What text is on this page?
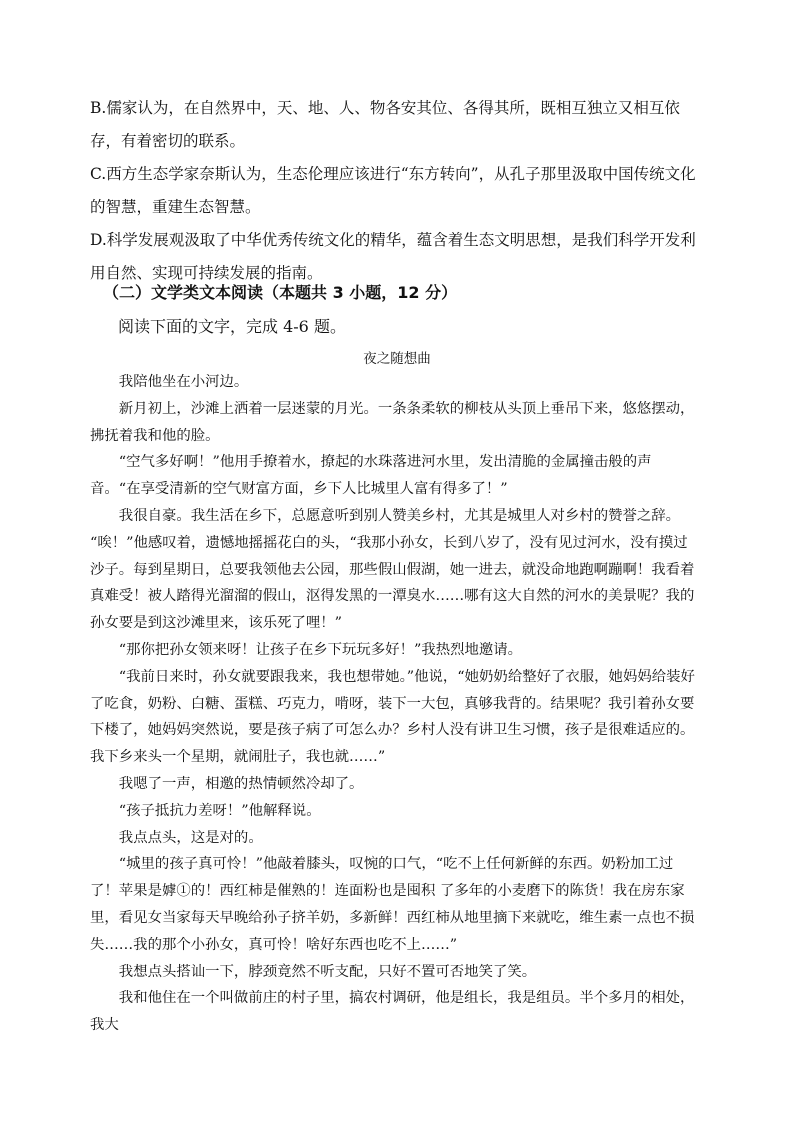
B.儒家认为，在自然界中，天、地、人、物各安其位、各得其所，既相互独立又相互依存，有着密切的联系。

C.西方生态学家奈斯认为，生态伦理应该进行“东方转向”，从孔子那里汲取中国传统文化的智慧，重建生态智慧。

D.科学发展观汲取了中华优秀传统文化的精华，蕴含着生态文明思想，是我们科学开发利用自然、实现可持续发展的指南。

（二）文学类文本阅读（本题共 3 小题，12 分）
阅读下面的文字，完成 4-6 题。
夜之随想曲

我陪他坐在小河边。

新月初上，沙滩上洒着一层迷蒙的月光。一条条柔软的柳枝从头顶上垂吊下来，悠悠摆动，拂抚着我和他的脸。

“空气多好啊！”他用手撩着水，撩起的水珠落进河水里，发出清脆的金属撞击般的声音。“在享受清新的空气财富方面，乡下人比城里人富有得多了！”

我很自豪。我生活在乡下，总愿意听到别人赞美乡村，尤其是城里人对乡村的赞誉之辞。

“唉！”他感叹着，遗憾地摇摇花白的头，“我那小孙女，长到八岁了，没有见过河水，没有摸过沙子。每到星期日，总要我领他去公园，那些假山假湖，她一进去，就没命地跑啊蹦啊！我看着真难受！被人踏得光溜溜的假山，沤得发黑的一潭臭水……哪有这大自然的河水的美景呢？我的孙女要是到这沙滩里来，该乐死了哩！”

“那你把孙女领来呀！让孩子在乡下玩玩多好！”我热烈地邀请。

“我前日来时，孙女就要跟我来，我也想带她。”他说，“她奶奶给整好了衣服，她妈妈给装好了吃食，奶粉、白糖、蛋糕、巧克力，啃呀，装下一大包，真够我背的。结果呢？我引着孙女要下楼了，她妈妈突然说，要是孩子病了可怎么办？乡村人没有讲卫生习惯，孩子是很难适应的。我下乡来头一个星期，就闹肚子，我也就……”

我嗯了一声，相邀的热情顿然冷却了。

“孩子抵抗力差呀！”他解释说。

我点点头，这是对的。

“城里的孩子真可怜！”他敲着膝头，叹惋的口气，“吃不上任何新鲜的东西。奶粉加工过了！苹果是嫭①的！西红柿是催熟的！连面粉也是囤积 了多年的小麦磨下的陈货！我在房东家里，看见女当家每天早晚给孙子挤羊奶，多新鲜！西红柿从地里摘下来就吃，维生素一点也不损失……我的那个小孙女，真可怜！啥好东西也吃不上……”

我想点头搭讪一下，脖颈竟然不听支配，只好不置可否地笑了笑。

我和他住在一个叫做前庄的村子里，搞农村调研，他是组长，我是组员。半个多月的相处，我大
